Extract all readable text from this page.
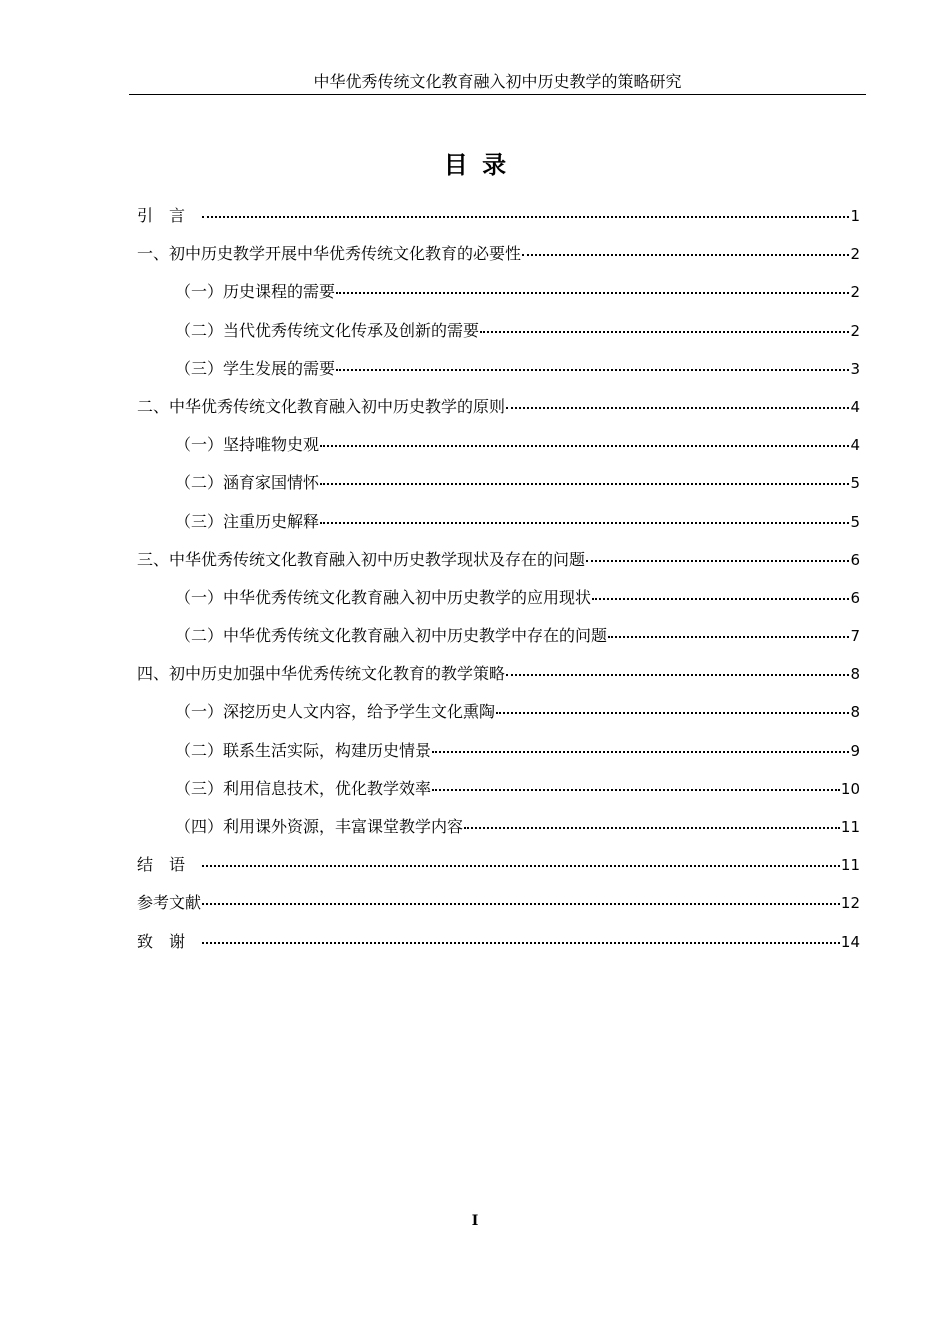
中华优秀传统文化教育融入初中历史教学的策略研究
目录
引言	1
一、初中历史教学开展中华优秀传统文化教育的必要性	2
（一）历史课程的需要	2
（二）当代优秀传统文化传承及创新的需要	2
（三）学生发展的需要	3
二、中华优秀传统文化教育融入初中历史教学的原则	4
（一）坚持唯物史观	4
（二）涵育家国情怀	5
（三）注重历史解释	5
三、中华优秀传统文化教育融入初中历史教学现状及存在的问题	6
（一）中华优秀传统文化教育融入初中历史教学的应用现状	6
（二）中华优秀传统文化教育融入初中历史教学中存在的问题	7
四、初中历史加强中华优秀传统文化教育的教学策略	8
（一）深挖历史人文内容，给予学生文化熏陶	8
（二）联系生活实际，构建历史情景	9
（三）利用信息技术，优化教学效率	10
（四）利用课外资源，丰富课堂教学内容	11
结语	11
参考文献	12
致谢	14
I
